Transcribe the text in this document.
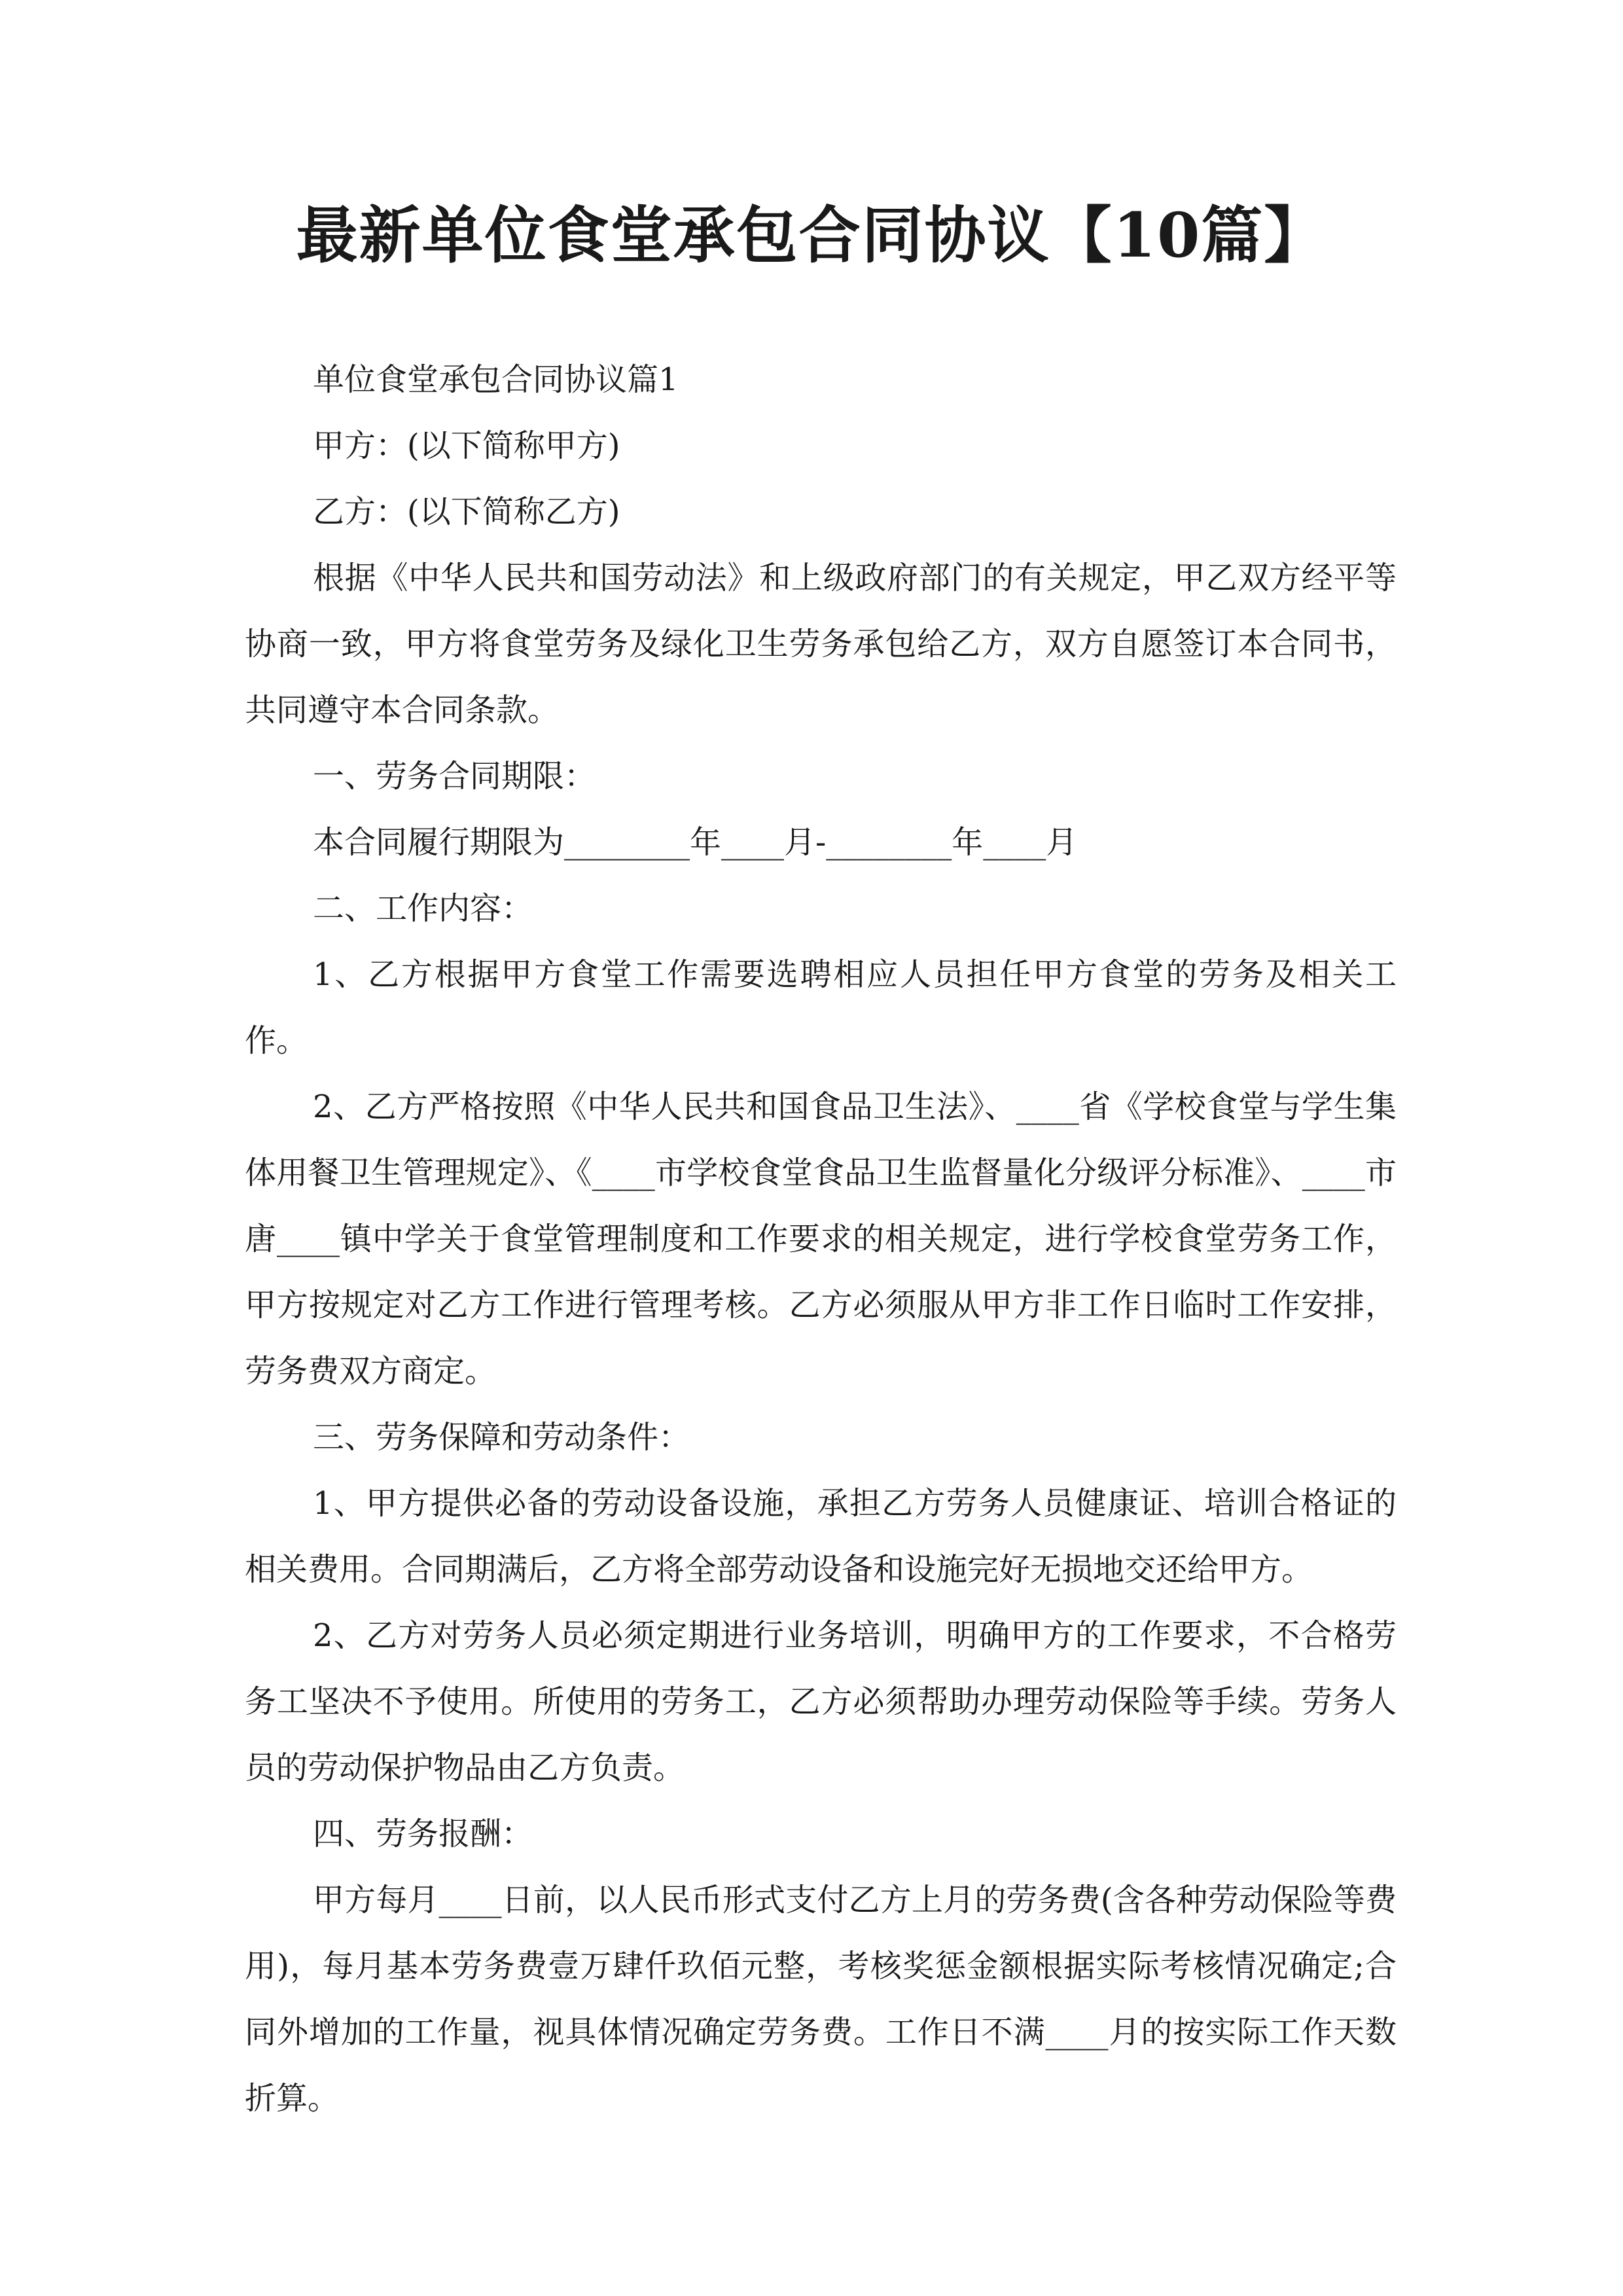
最新单位食堂承包合同协议【10篇】

单位食堂承包合同协议篇1

甲方：(以下简称甲方)

乙方：(以下简称乙方)

根据《中华人民共和国劳动法》和上级政府部门的有关规定，甲乙双方经平等协商一致，甲方将食堂劳务及绿化卫生劳务承包给乙方，双方自愿签订本合同书，共同遵守本合同条款。

一、劳务合同期限：

本合同履行期限为________年____月-________年____月

二、工作内容：

1、乙方根据甲方食堂工作需要选聘相应人员担任甲方食堂的劳务及相关工作。

2、乙方严格按照《中华人民共和国食品卫生法》、____省《学校食堂与学生集体用餐卫生管理规定》、《____市学校食堂食品卫生监督量化分级评分标准》、____市唐____镇中学关于食堂管理制度和工作要求的相关规定，进行学校食堂劳务工作，甲方按规定对乙方工作进行管理考核。乙方必须服从甲方非工作日临时工作安排，劳务费双方商定。

三、劳务保障和劳动条件：

1、甲方提供必备的劳动设备设施，承担乙方劳务人员健康证、培训合格证的相关费用。合同期满后，乙方将全部劳动设备和设施完好无损地交还给甲方。

2、乙方对劳务人员必须定期进行业务培训，明确甲方的工作要求，不合格劳务工坚决不予使用。所使用的劳务工，乙方必须帮助办理劳动保险等手续。劳务人员的劳动保护物品由乙方负责。

四、劳务报酬：

甲方每月____日前，以人民币形式支付乙方上月的劳务费(含各种劳动保险等费用)，每月基本劳务费壹万肆仟玖佰元整，考核奖惩金额根据实际考核情况确定;合同外增加的工作量，视具体情况确定劳务费。工作日不满____月的按实际工作天数折算。
